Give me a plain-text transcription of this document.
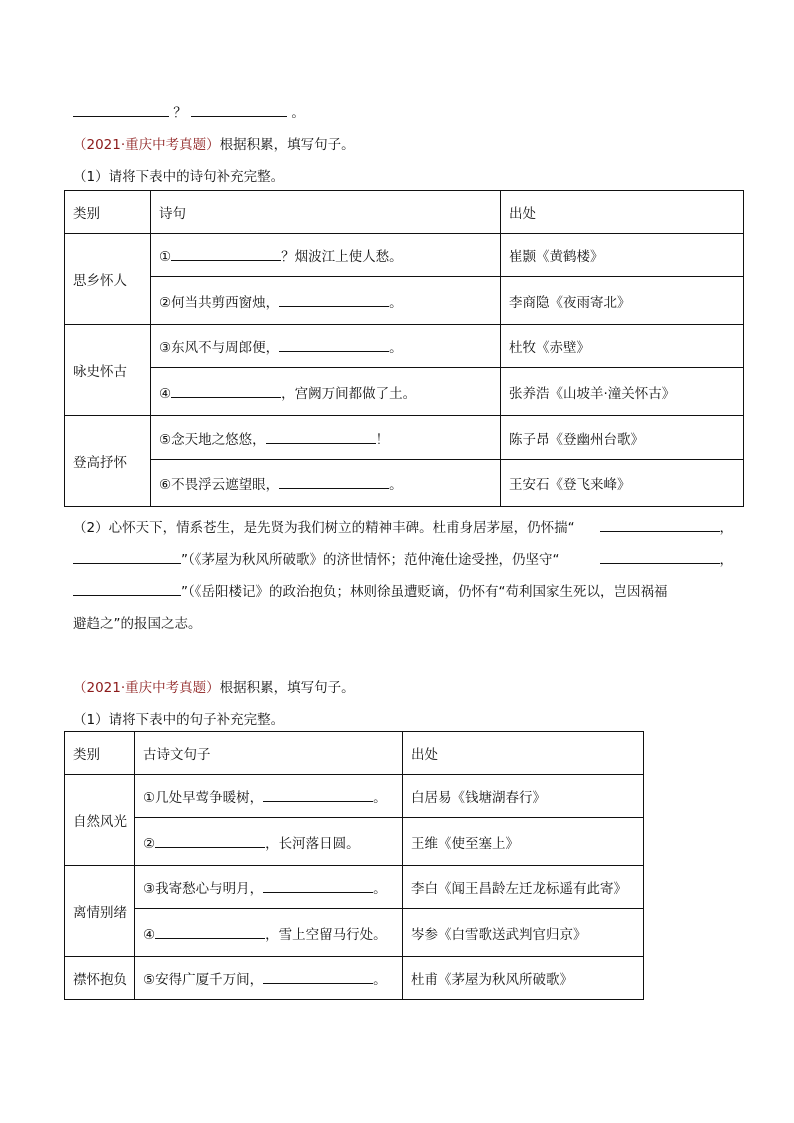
？	。
（2021·重庆中考真题）根据积累，填写句子。
（1）请将下表中的诗句补充完整。
类别	诗句	出处
思乡怀人	① ？烟波江上使人愁。	崔颢《黄鹤楼》
	②何当共剪西窗烛， 。	李商隐《夜雨寄北》
咏史怀古	③东风不与周郎便， 。	杜牧《赤壁》
	④ ，宫阙万间都做了土。	张养浩《山坡羊·潼关怀古》
登高抒怀	⑤念天地之悠悠， ！	陈子昂《登幽州台歌》
	⑥不畏浮云遮望眼， 。	王安石《登飞来峰》
（2）心怀天下，情系苍生，是先贤为我们树立的精神丰碑。杜甫身居茅屋，仍怀揣“	，
”（《茅屋为秋风所破歌》的济世情怀；范仲淹仕途受挫，仍坚守“	，
”（《岳阳楼记》的政治抱负；林则徐虽遭贬谪，仍怀有“苟利国家生死以，岂因祸福
避趋之”的报国之志。
（2021·重庆中考真题）根据积累，填写句子。
（1）请将下表中的句子补充完整。
类别	古诗文句子	出处
自然风光	①几处早莺争暖树， 。	白居易《钱塘湖春行》
	② ，长河落日圆。	王维《使至塞上》
离情别绪	③我寄愁心与明月， 。	李白《闻王昌龄左迁龙标遥有此寄》
	④ ，雪上空留马行处。	岑参《白雪歌送武判官归京》
襟怀抱负	⑤安得广厦千万间， 。	杜甫《茅屋为秋风所破歌》
